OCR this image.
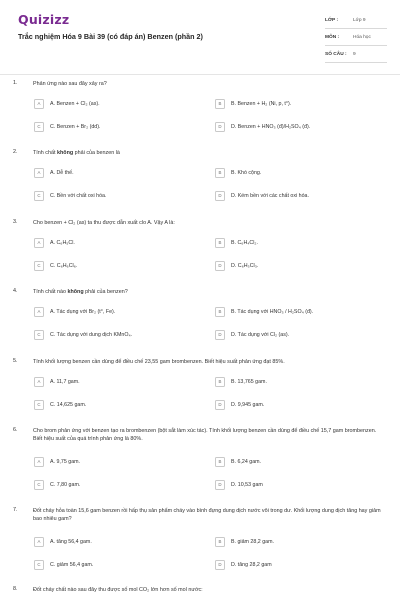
Quizizz
Trắc nghiệm Hóa 9 Bài 39 (có đáp án) Benzen (phần 2)
LỚP :	Lớp 9
MÔN :	Hóa học
SỐ CÂU :	9
1.	Phản ứng nào sau đây xảy ra?
A	A. Benzen + Cl₂ (as).	B	B. Benzen + H₂ (Ni, p, t°).
C	C. Benzen + Br₂ (dd).	D	D. Benzen + HNO₃ (đ)/H₂SO₄ (đ).
2.	Tính chất không phải của benzen là
A	A. Dễ thế.	B	B. Khó cộng.
C	C. Bền với chất oxi hóa.	D	D. Kém bền với các chất oxi hóa.
3.	Cho benzen + Cl₂ (as) ta thu được dẫn xuất clo A. Vậy A là:
A	A. C₆H₅Cl.	B	B. C₆H₄Cl₂.
C	C. C₆H₆Cl₆.	D	D. C₆H₃Cl₃.
4.	Tính chất nào không phải của benzen?
A	A. Tác dụng với Br₂ (t°, Fe).	B	B. Tác dụng với HNO₃ / H₂SO₄ (đ).
C	C. Tác dụng với dung dịch KMnO₄.	D	D. Tác dụng với Cl₂ (as).
5.	Tính khối lượng benzen cần dùng để điều chế 23,55 gam brombenzen. Biết hiệu suất phản ứng đạt 85%.
A	A. 11,7 gam.	B	B. 13,765 gam.
C	C. 14,625 gam.	D	D. 9,945 gam.
6.	Cho brom phản ứng với benzen tạo ra brombenzen (bột sắt làm xúc tác). Tính khối lượng benzen cần dùng để điều chế 15,7 gam brombenzen. Biết hiệu suất của quá trình phản ứng là 80%.
A	A. 9,75 gam.	B	B. 6,24 gam.
C	C. 7,80 gam.	D	D. 10,53 gam
7.	Đốt cháy hỏa toàn 15,6 gam benzen rồi hấp thụ sản phẩm cháy vào bình đựng dung dịch nước vôi trong dư. Khối lượng dung dịch tăng hay giảm bao nhiêu gam?
A	A. tăng 56,4 gam.	B	B. giảm 28,2 gam.
C	C. giảm 56,4 gam.	D	D. tăng 28,2 gam
8.	Đốt cháy chất nào sau đây thu được số mol CO₂ lớn hơn số mol nước:
